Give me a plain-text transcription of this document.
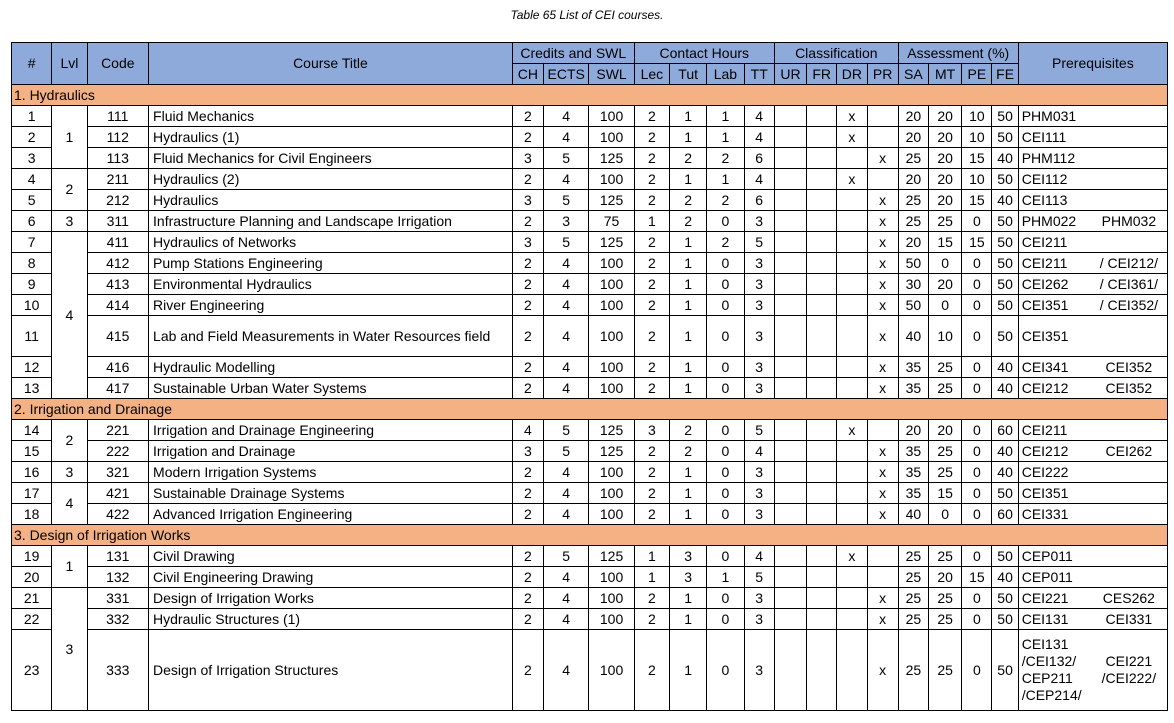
Table 65 List of CEI courses.
#	Lvl	Code	Course Title	Credits and SWL			Contact Hours				Classification				Assessment (%)				Prerequisites	
				CH	ECTS	SWL	Lec	Tut	Lab	TT	UR	FR	DR	PR	SA	MT	PE	FE		
1. Hydraulics																				
1	1	111	Fluid Mechanics	2	4	100	2	1	1	4			x		20	20	10	50	PHM031	
2		112	Hydraulics (1)	2	4	100	2	1	1	4			x		20	20	10	50	CEI111	
3		113	Fluid Mechanics for Civil Engineers	3	5	125	2	2	2	6				x	25	20	15	40	PHM112	
4	2	211	Hydraulics (2)	2	4	100	2	1	1	4			x		20	20	10	50	CEI112	
5		212	Hydraulics	3	5	125	2	2	2	6				x	25	20	15	40	CEI113	
6	3	311	Infrastructure Planning and Landscape Irrigation	2	3	75	1	2	0	3				x	25	25	0	50	PHM022	PHM032
7	4	411	Hydraulics of Networks	3	5	125	2	1	2	5				x	20	15	15	50	CEI211	
8		412	Pump Stations Engineering	2	4	100	2	1	0	3				x	50	0	0	50	CEI211	/ CEI212/
9		413	Environmental Hydraulics	2	4	100	2	1	0	3				x	30	20	0	50	CEI262	/ CEI361/
10		414	River Engineering	2	4	100	2	1	0	3				x	50	0	0	50	CEI351	/ CEI352/
11		415	Lab and Field Measurements in Water Resources field	2	4	100	2	1	0	3				x	40	10	0	50	CEI351	
12		416	Hydraulic Modelling	2	4	100	2	1	0	3				x	35	25	0	40	CEI341	CEI352
13		417	Sustainable Urban Water Systems	2	4	100	2	1	0	3				x	35	25	0	40	CEI212	CEI352
2. Irrigation and Drainage																				
14	2	221	Irrigation and Drainage Engineering	4	5	125	3	2	0	5			x		20	20	0	60	CEI211	
15		222	Irrigation and Drainage	3	5	125	2	2	0	4				x	35	25	0	40	CEI212	CEI262
16	3	321	Modern Irrigation Systems	2	4	100	2	1	0	3				x	35	25	0	40	CEI222	
17	4	421	Sustainable Drainage Systems	2	4	100	2	1	0	3				x	35	15	0	50	CEI351	
18		422	Advanced Irrigation Engineering	2	4	100	2	1	0	3				x	40	0	0	60	CEI331	
3. Design of Irrigation Works																				
19	1	131	Civil Drawing	2	5	125	1	3	0	4			x		25	25	0	50	CEP011	
20		132	Civil Engineering Drawing	2	4	100	1	3	1	5					25	20	15	40	CEP011	
21	3	331	Design of Irrigation Works	2	4	100	2	1	0	3				x	25	25	0	50	CEI221	CES262
22		332	Hydraulic Structures (1)	2	4	100	2	1	0	3				x	25	25	0	50	CEI131	CEI331
23		333	Design of Irrigation Structures	2	4	100	2	1	0	3				x	25	25	0	50	CEI131 /CEI132/ CEP211 /CEP214/	CEI221 /CEI222/
